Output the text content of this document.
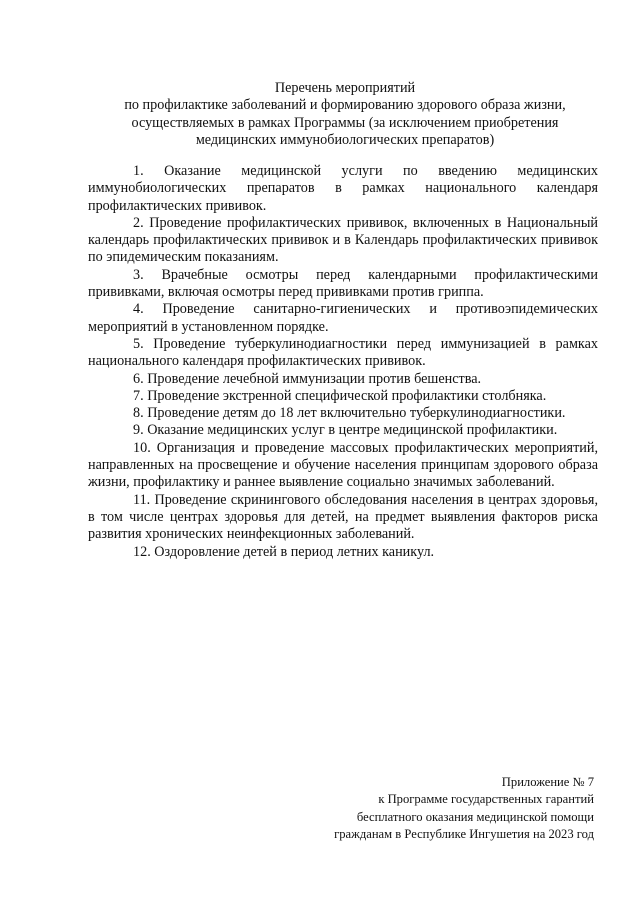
Перечень мероприятий
по профилактике заболеваний и формированию здорового образа жизни,
осуществляемых в рамках Программы (за исключением приобретения
медицинских иммунобиологических препаратов)

1. Оказание медицинской услуги по введению медицинских иммунобиологических препаратов в рамках национального календаря профилактических прививок.

2. Проведение профилактических прививок, включенных в Национальный календарь профилактических прививок и в Календарь профилактических прививок по эпидемическим показаниям.

3. Врачебные осмотры перед календарными профилактическими прививками, включая осмотры перед прививками против гриппа.

4. Проведение санитарно-гигиенических и противоэпидемических мероприятий в установленном порядке.

5. Проведение туберкулинодиагностики перед иммунизацией в рамках национального календаря профилактических прививок.

6. Проведение лечебной иммунизации против бешенства.

7. Проведение экстренной специфической профилактики столбняка.

8. Проведение детям до 18 лет включительно туберкулинодиагностики.

9. Оказание медицинских услуг в центре медицинской профилактики.

10. Организация и проведение массовых профилактических мероприятий, направленных на просвещение и обучение населения принципам здорового образа жизни, профилактику и раннее выявление социально значимых заболеваний.

11. Проведение скринингового обследования населения в центрах здоровья, в том числе центрах здоровья для детей, на предмет выявления факторов риска развития хронических неинфекционных заболеваний.

12. Оздоровление детей в период летних каникул.

Приложение № 7
к Программе государственных гарантий
бесплатного оказания медицинской помощи
гражданам в Республике Ингушетия на 2023 год
